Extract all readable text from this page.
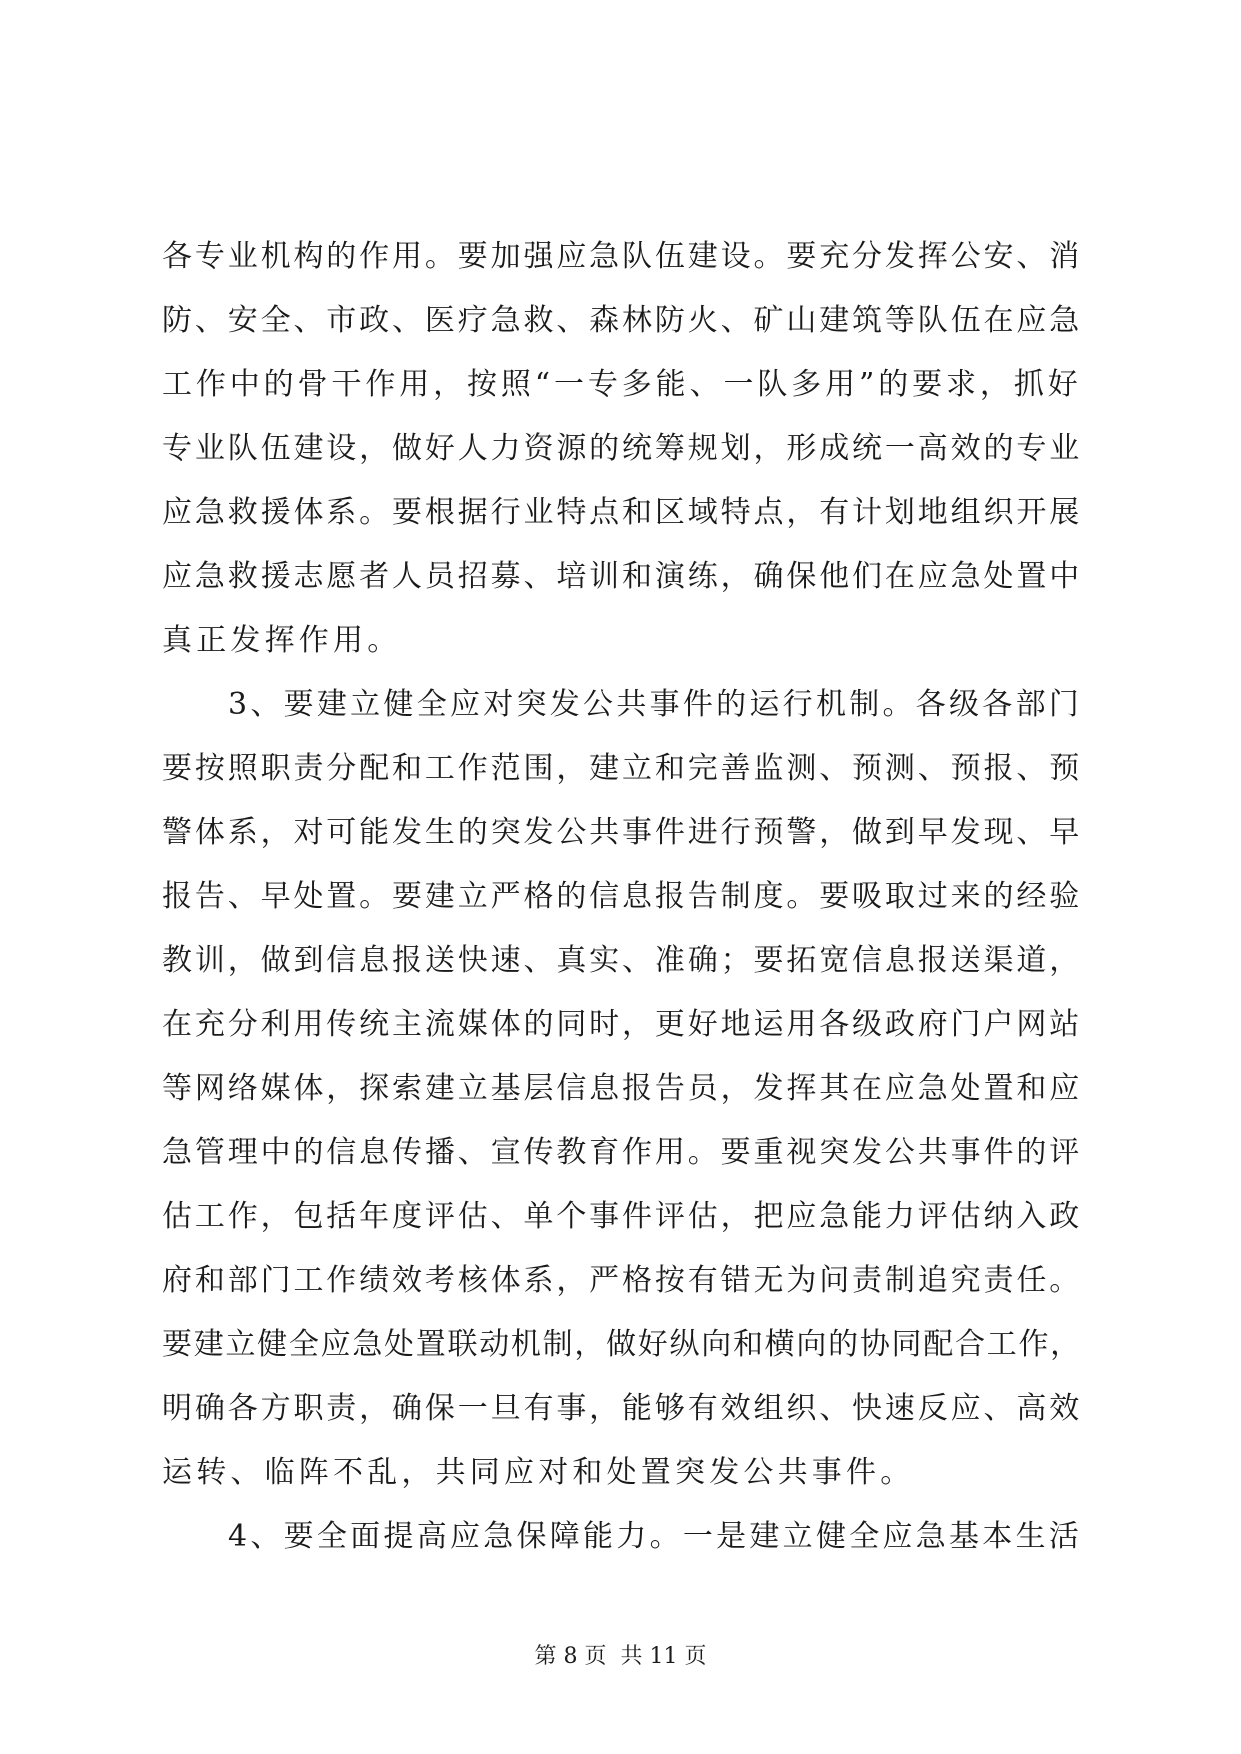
各专业机构的作用。要加强应急队伍建设。要充分发挥公安、消
防、安全、市政、医疗急救、森林防火、矿山建筑等队伍在应急
工作中的骨干作用，按照“一专多能、一队多用”的要求，抓好
专业队伍建设，做好人力资源的统筹规划，形成统一高效的专业
应急救援体系。要根据行业特点和区域特点，有计划地组织开展
应急救援志愿者人员招募、培训和演练，确保他们在应急处置中
真正发挥作用。
3、要建立健全应对突发公共事件的运行机制。各级各部门
要按照职责分配和工作范围，建立和完善监测、预测、预报、预
警体系，对可能发生的突发公共事件进行预警，做到早发现、早
报告、早处置。要建立严格的信息报告制度。要吸取过来的经验
教训，做到信息报送快速、真实、准确；要拓宽信息报送渠道，
在充分利用传统主流媒体的同时，更好地运用各级政府门户网站
等网络媒体，探索建立基层信息报告员，发挥其在应急处置和应
急管理中的信息传播、宣传教育作用。要重视突发公共事件的评
估工作，包括年度评估、单个事件评估，把应急能力评估纳入政
府和部门工作绩效考核体系，严格按有错无为问责制追究责任。
要建立健全应急处置联动机制，做好纵向和横向的协同配合工作，
明确各方职责，确保一旦有事，能够有效组织、快速反应、高效
运转、临阵不乱，共同应对和处置突发公共事件。
4、要全面提高应急保障能力。一是建立健全应急基本生活
第 8 页  共 11 页
